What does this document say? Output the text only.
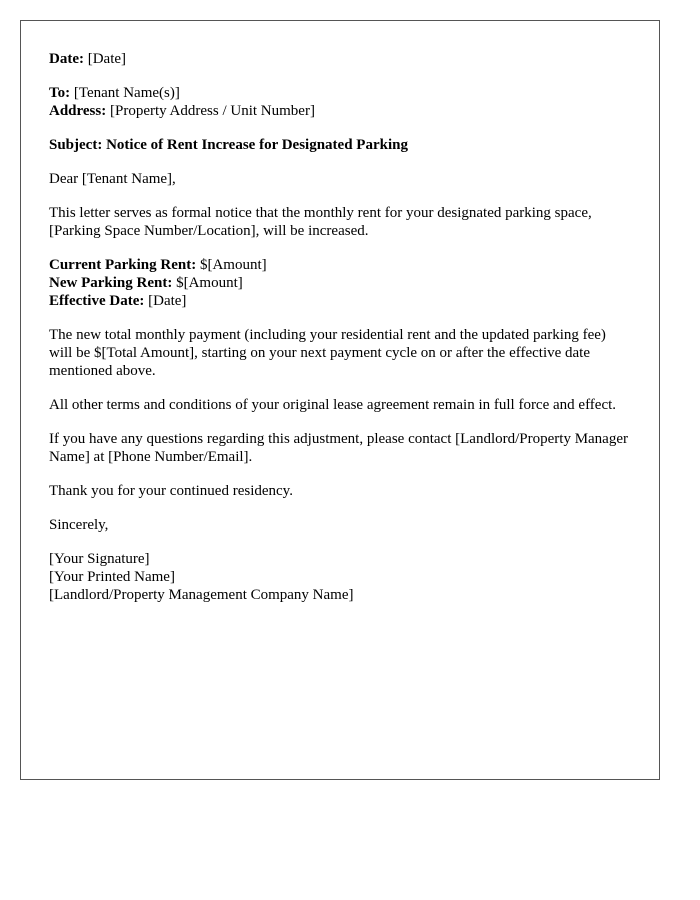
Date: [Date]
To: [Tenant Name(s)]
Address: [Property Address / Unit Number]
Subject: Notice of Rent Increase for Designated Parking
Dear [Tenant Name],
This letter serves as formal notice that the monthly rent for your designated parking space, [Parking Space Number/Location], will be increased.
Current Parking Rent: $[Amount]
New Parking Rent: $[Amount]
Effective Date: [Date]
The new total monthly payment (including your residential rent and the updated parking fee) will be $[Total Amount], starting on your next payment cycle on or after the effective date mentioned above.
All other terms and conditions of your original lease agreement remain in full force and effect.
If you have any questions regarding this adjustment, please contact [Landlord/Property Manager Name] at [Phone Number/Email].
Thank you for your continued residency.
Sincerely,
[Your Signature]
[Your Printed Name]
[Landlord/Property Management Company Name]
